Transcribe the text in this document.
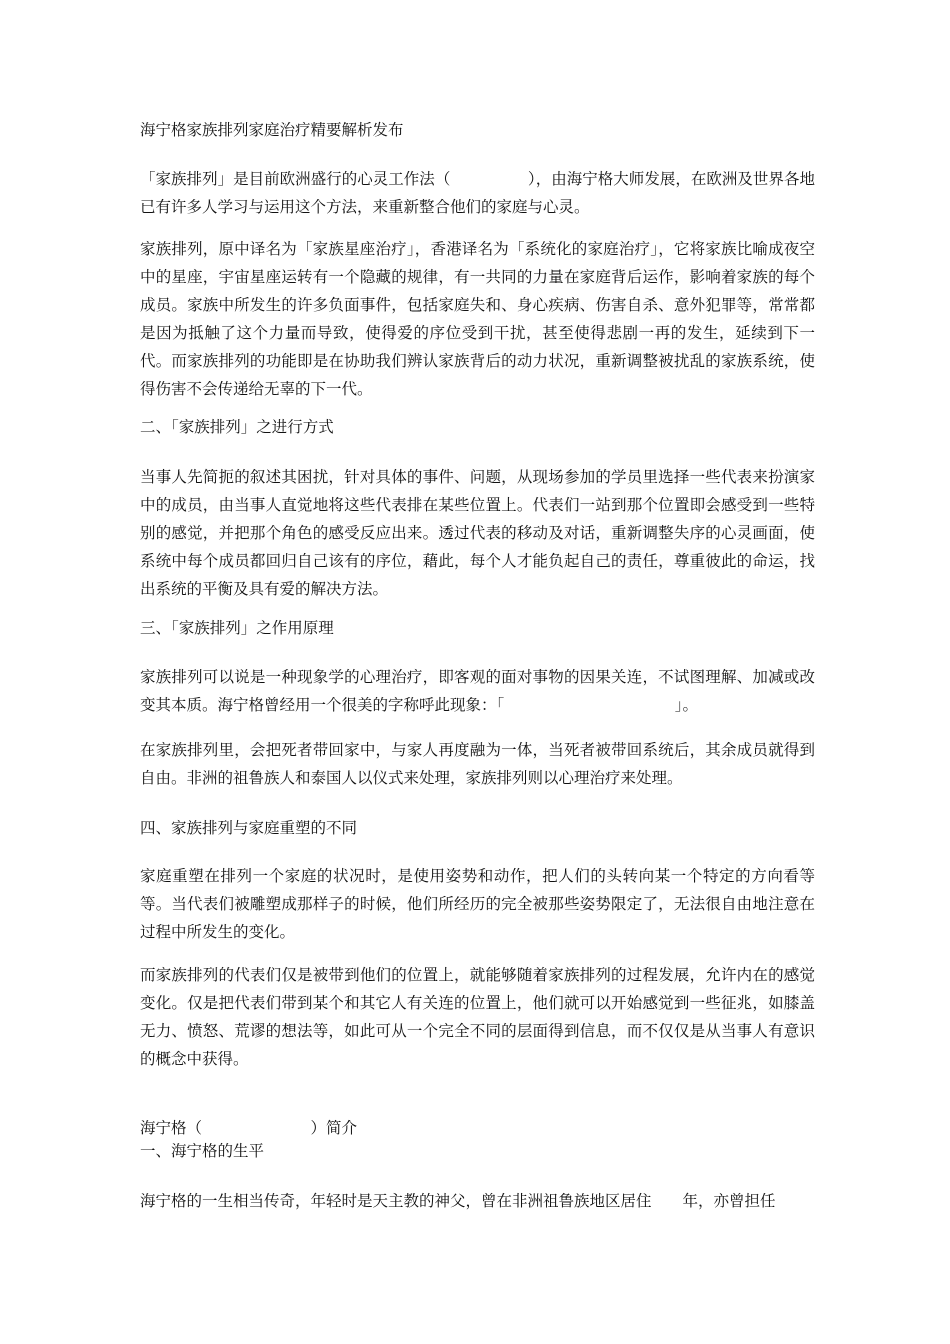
海宁格家族排列家庭治疗精要解析发布

「家族排列」是目前欧洲盛行的心灵工作法（　　　　　），由海宁格大师发展，在欧洲及世界各地已有许多人学习与运用这个方法，来重新整合他们的家庭与心灵。

家族排列，原中译名为「家族星座治疗」，香港译名为「系统化的家庭治疗」，它将家族比喻成夜空中的星座，宇宙星座运转有一个隐藏的规律，有一共同的力量在家庭背后运作，影响着家族的每个成员。家族中所发生的许多负面事件，包括家庭失和、身心疾病、伤害自杀、意外犯罪等，常常都是因为抵触了这个力量而导致，使得爱的序位受到干扰，甚至使得悲剧一再的发生，延续到下一代。而家族排列的功能即是在协助我们辨认家族背后的动力状况，重新调整被扰乱的家族系统，使得伤害不会传递给无辜的下一代。

二、「家族排列」之进行方式

当事人先简扼的叙述其困扰，针对具体的事件、问题，从现场参加的学员里选择一些代表来扮演家中的成员，由当事人直觉地将这些代表排在某些位置上。代表们一站到那个位置即会感受到一些特别的感觉，并把那个角色的感受反应出来。透过代表的移动及对话，重新调整失序的心灵画面，使系统中每个成员都回归自己该有的序位，藉此，每个人才能负起自己的责任，尊重彼此的命运，找出系统的平衡及具有爱的解决方法。

三、「家族排列」之作用原理

家族排列可以说是一种现象学的心理治疗，即客观的面对事物的因果关连，不试图理解、加减或改变其本质。海宁格曾经用一个很美的字称呼此现象：「　　　　　　　　　　　」。

在家族排列里，会把死者带回家中，与家人再度融为一体，当死者被带回系统后，其余成员就得到自由。非洲的祖鲁族人和泰国人以仪式来处理，家族排列则以心理治疗来处理。

四、家族排列与家庭重塑的不同

家庭重塑在排列一个家庭的状况时，是使用姿势和动作，把人们的头转向某一个特定的方向看等等。当代表们被雕塑成那样子的时候，他们所经历的完全被那些姿势限定了，无法很自由地注意在过程中所发生的变化。

而家族排列的代表们仅是被带到他们的位置上，就能够随着家族排列的过程发展，允许内在的感觉变化。仅是把代表们带到某个和其它人有关连的位置上，他们就可以开始感觉到一些征兆，如膝盖无力、愤怒、荒谬的想法等，如此可从一个完全不同的层面得到信息，而不仅仅是从当事人有意识的概念中获得。

海宁格（　　　　　　　）简介

一、海宁格的生平

海宁格的一生相当传奇，年轻时是天主教的神父，曾在非洲祖鲁族地区居住　　年，亦曾担任
